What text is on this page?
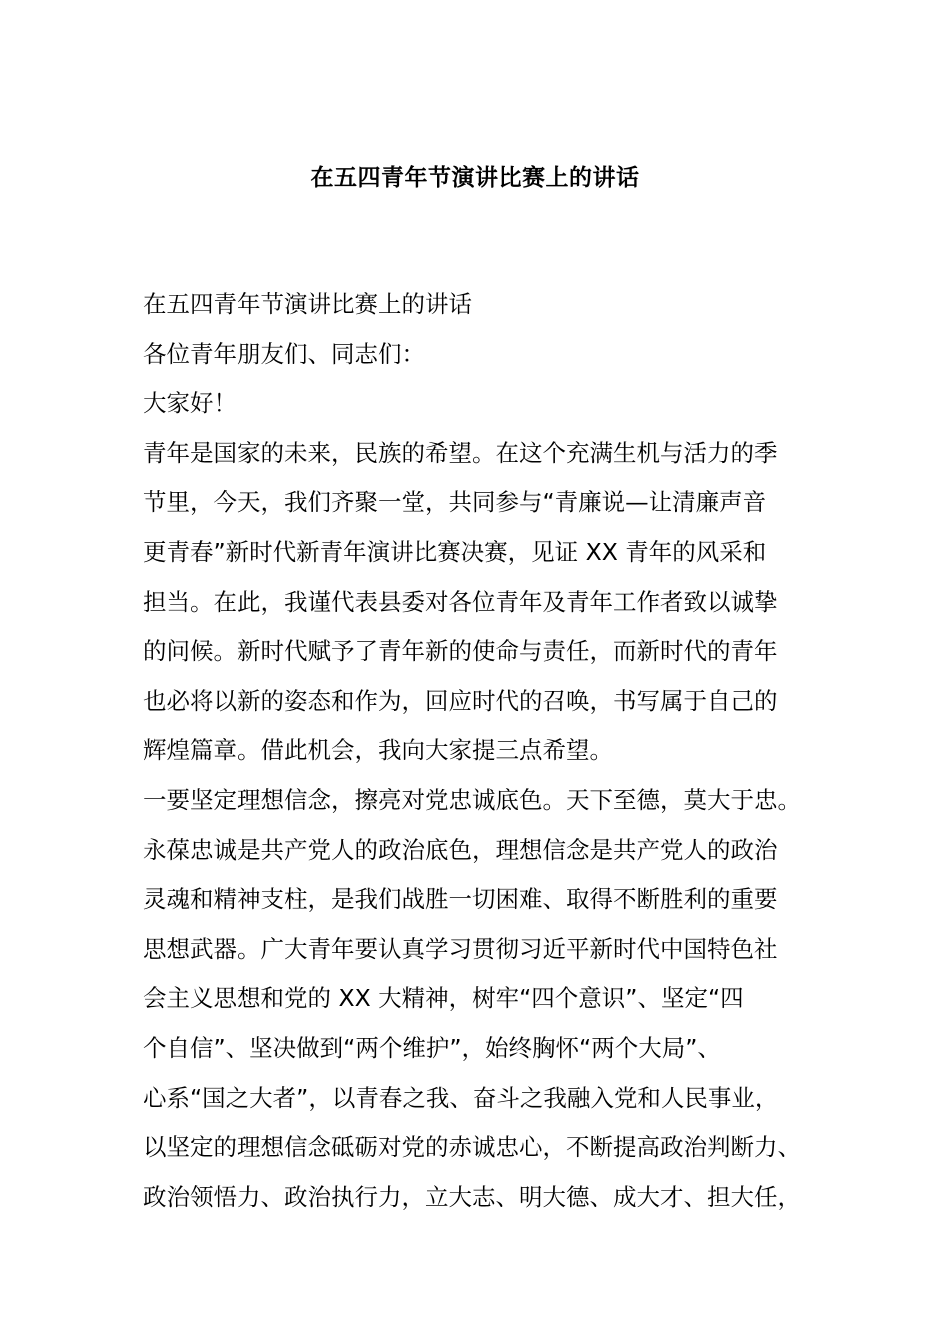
在五四青年节演讲比赛上的讲话
在五四青年节演讲比赛上的讲话
各位青年朋友们、同志们：
大家好！
青年是国家的未来，民族的希望。在这个充满生机与活力的季
节里，今天，我们齐聚一堂，共同参与“青廉说—让清廉声音
更青春”新时代新青年演讲比赛决赛，见证 XX 青年的风采和
担当。在此，我谨代表县委对各位青年及青年工作者致以诚挚
的问候。新时代赋予了青年新的使命与责任，而新时代的青年
也必将以新的姿态和作为，回应时代的召唤，书写属于自己的
辉煌篇章。借此机会，我向大家提三点希望。
一要坚定理想信念，擦亮对党忠诚底色。天下至德，莫大于忠。
永葆忠诚是共产党人的政治底色，理想信念是共产党人的政治
灵魂和精神支柱，是我们战胜一切困难、取得不断胜利的重要
思想武器。广大青年要认真学习贯彻习近平新时代中国特色社
会主义思想和党的 XX 大精神，树牢“四个意识”、坚定“四
个自信”、坚决做到“两个维护”，始终胸怀“两个大局”、
心系“国之大者”，以青春之我、奋斗之我融入党和人民事业，
以坚定的理想信念砥砺对党的赤诚忠心，不断提高政治判断力、
政治领悟力、政治执行力，立大志、明大德、成大才、担大任，
